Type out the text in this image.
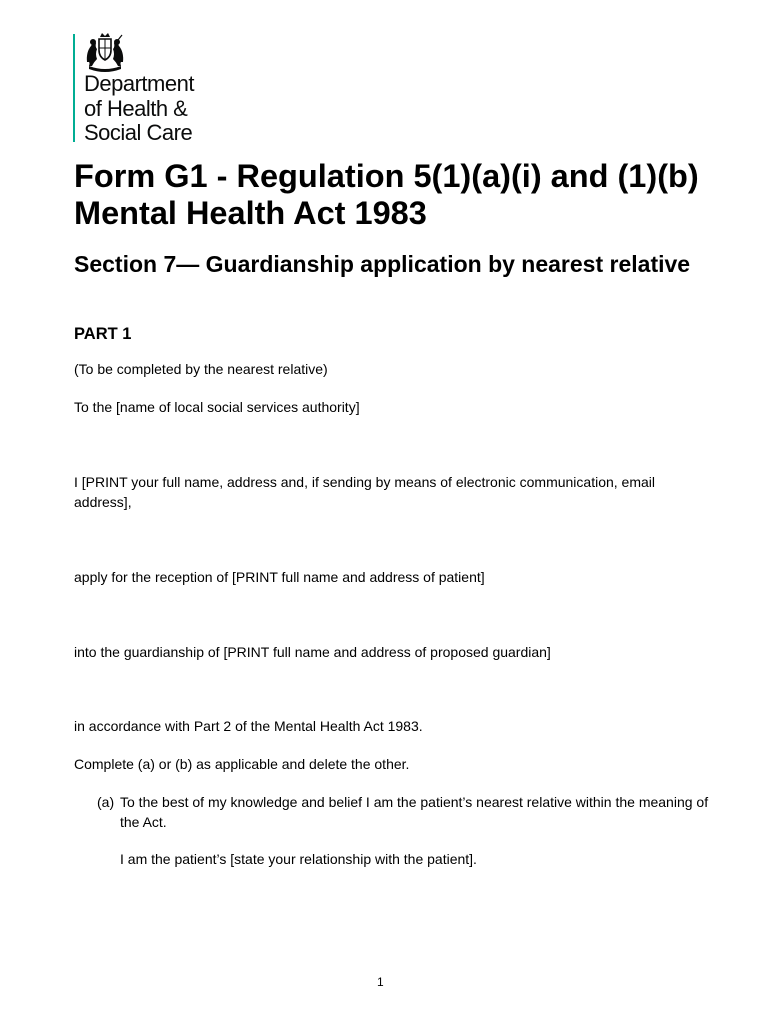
Department
of Health &
Social Care
Form G1 - Regulation 5(1)(a)(i) and (1)(b) Mental Health Act 1983
Section 7— Guardianship application by nearest relative
PART 1
(To be completed by the nearest relative)
To the [name of local social services authority]
I [PRINT your full name, address and, if sending by means of electronic communication, email address],
apply for the reception of [PRINT full name and address of patient]
into the guardianship of [PRINT full name and address of proposed guardian]
in accordance with Part 2 of the Mental Health Act 1983.
Complete (a) or (b) as applicable and delete the other.
(a) To the best of my knowledge and belief I am the patient’s nearest relative within the meaning of the Act.
I am the patient’s [state your relationship with the patient].
1
